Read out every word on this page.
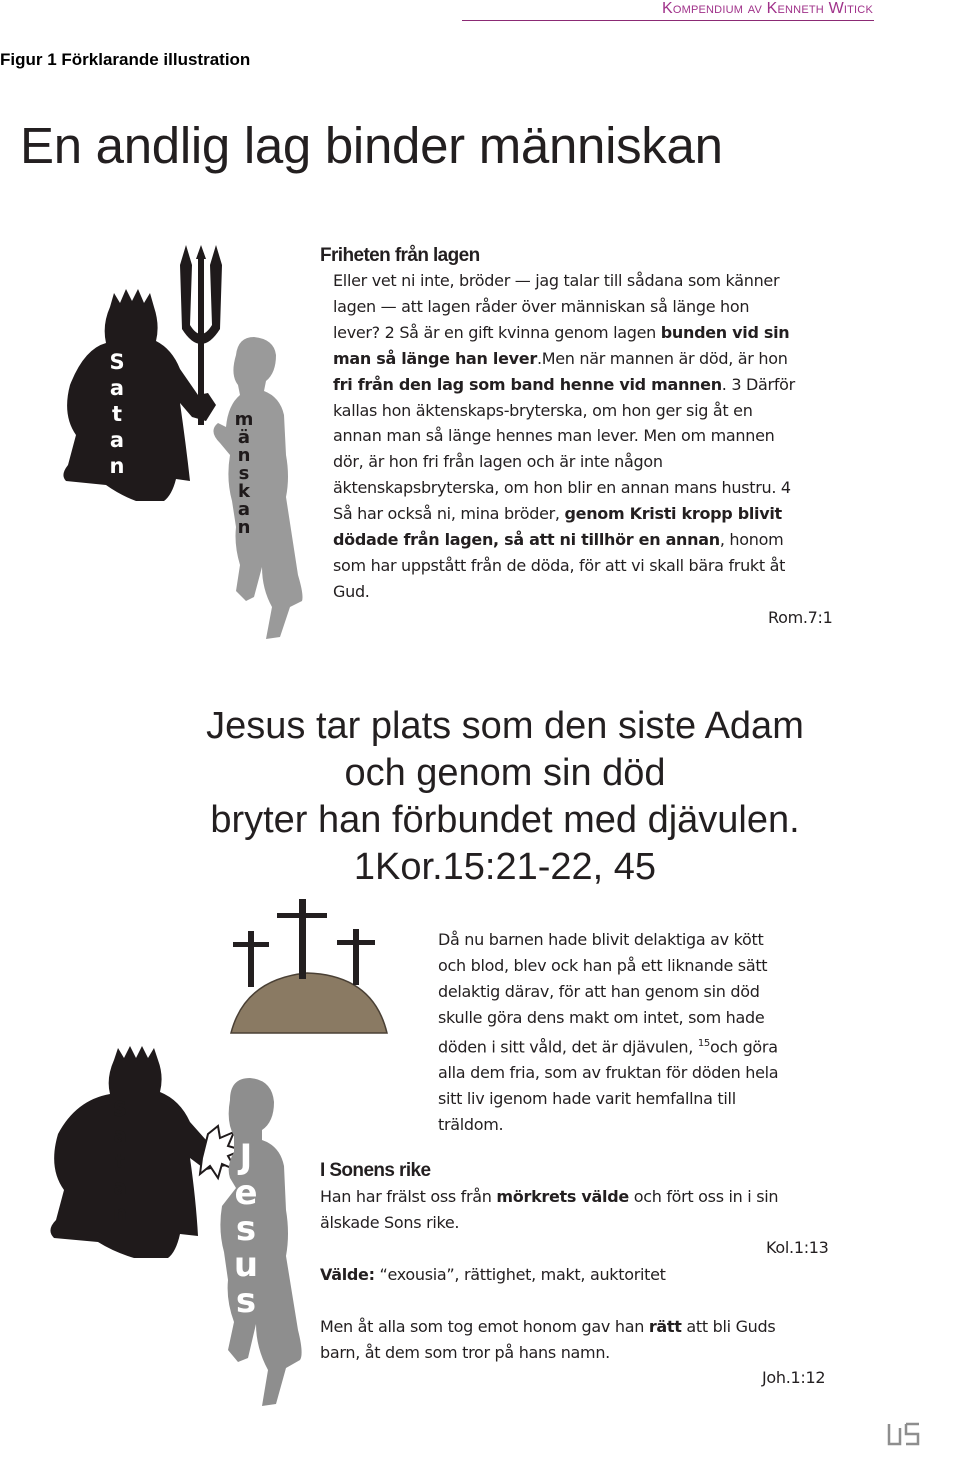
Kompendium av Kenneth Witick
Figur 1 Förklarande illustration
En andlig lag binder människan
S
a
t
a
n
m
ä
n
s
k
a
n
Friheten från lagen
Eller vet ni inte, bröder — jag talar till sådana som känner
lagen — att lagen råder över människan så länge hon
lever? 2 Så är en gift kvinna genom lagen bunden vid sin
man så länge han lever.Men när mannen är död, är hon
fri från den lag som band henne vid mannen. 3 Därför
kallas hon äktenskaps-bryterska, om hon ger sig åt en
annan man så länge hennes man lever. Men om mannen
dör, är hon fri från lagen och är inte någon
äktenskapsbryterska, om hon blir en annan mans hustru. 4
Så har också ni, mina bröder, genom Kristi kropp blivit
dödade från lagen, så att ni tillhör en annan, honom
som har uppstått från de döda, för att vi skall bära frukt åt
Gud.
Rom.7:1
Jesus tar plats som den siste Adam
och genom sin död
bryter han förbundet med djävulen.
1Kor.15:21-22, 45
S
a
t
a
n
J
e
s
u
s
Då nu barnen hade blivit delaktiga av kött
och blod, blev ock han på ett liknande sätt
delaktig därav, för att han genom sin död
skulle göra dens makt om intet, som hade
döden i sitt våld, det är djävulen, $^{15}$och göra
alla dem fria, som av fruktan för döden hela
sitt liv igenom hade varit hemfallna till
träldom.
I Sonens rike
Han har frälst oss från mörkrets välde och fört oss in i sin
älskade Sons rike.
Kol.1:13
Välde: “exousia”, rättighet, makt, auktoritet
Men åt alla som tog emot honom gav han rätt att bli Guds
barn, åt dem som tror på hans namn.
Joh.1:12
